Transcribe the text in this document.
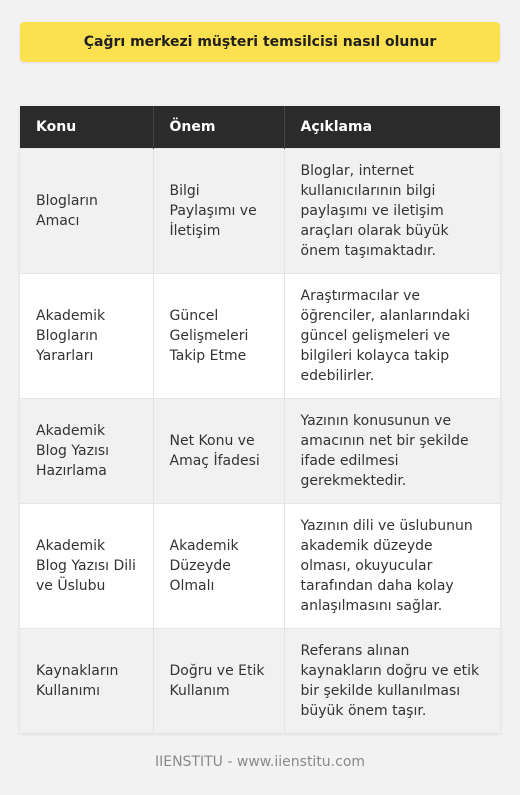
Çağrı merkezi müşteri temsilcisi nasıl olunur
Konu	Önem	Açıklama
Blogların Amacı	Bilgi Paylaşımı ve İletişim	Bloglar, internet kullanıcılarının bilgi paylaşımı ve iletişim araçları olarak büyük önem taşımaktadır.
Akademik Blogların Yararları	Güncel Gelişmeleri Takip Etme	Araştırmacılar ve öğrenciler, alanlarındaki güncel gelişmeleri ve bilgileri kolayca takip edebilirler.
Akademik Blog Yazısı Hazırlama	Net Konu ve Amaç İfadesi	Yazının konusunun ve amacının net bir şekilde ifade edilmesi gerekmektedir.
Akademik Blog Yazısı Dili ve Üslubu	Akademik Düzeyde Olmalı	Yazının dili ve üslubunun akademik düzeyde olması, okuyucular tarafından daha kolay anlaşılmasını sağlar.
Kaynakların Kullanımı	Doğru ve Etik Kullanım	Referans alınan kaynakların doğru ve etik bir şekilde kullanılması büyük önem taşır.
IIENSTITU - www.iienstitu.com
